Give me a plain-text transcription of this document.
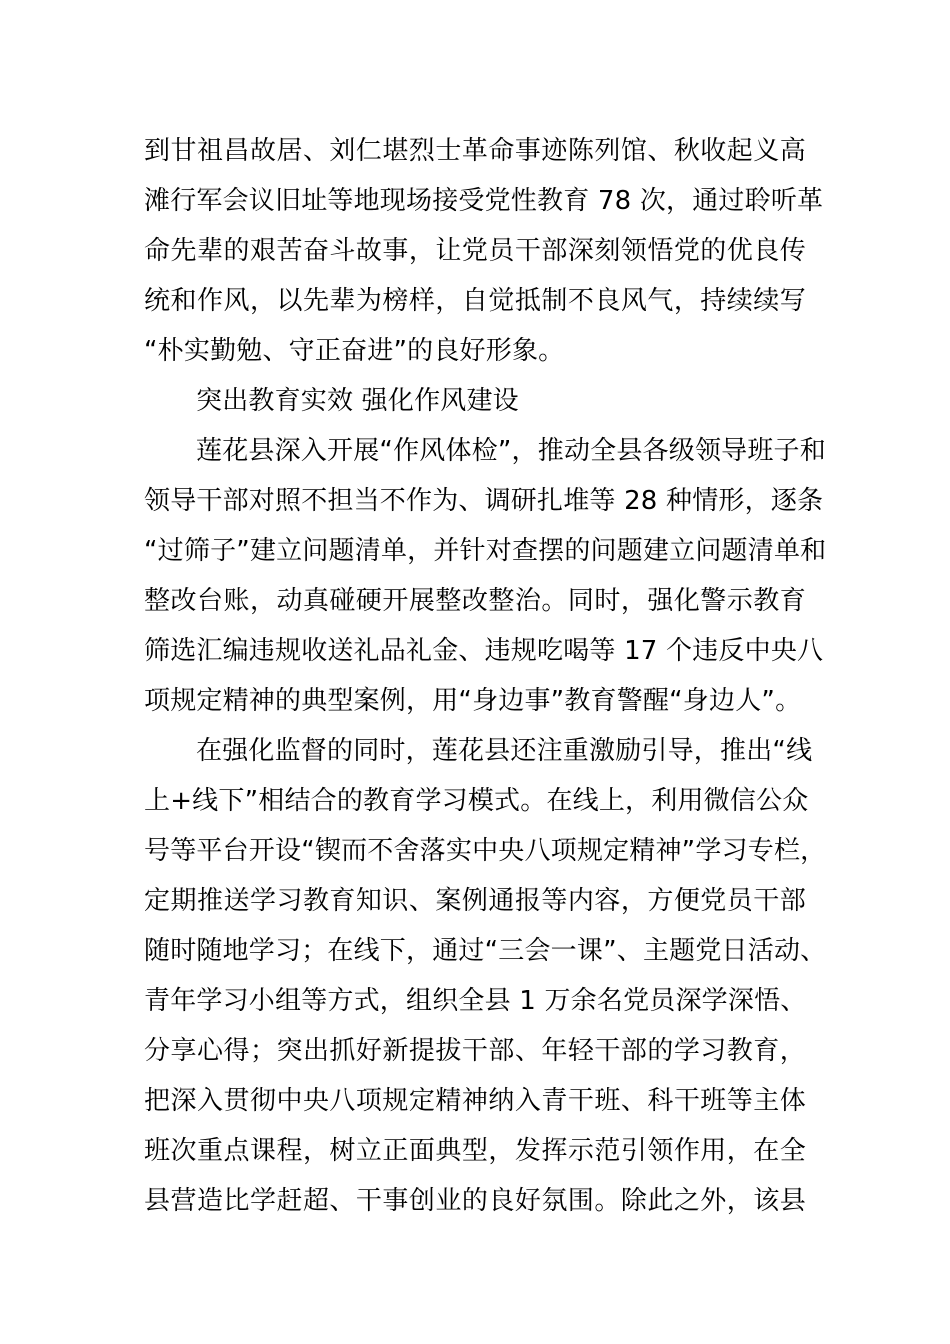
到甘祖昌故居、刘仁堪烈士革命事迹陈列馆、秋收起义高

滩行军会议旧址等地现场接受党性教育 78 次，通过聆听革

命先辈的艰苦奋斗故事，让党员干部深刻领悟党的优良传

统和作风，以先辈为榜样，自觉抵制不良风气，持续续写

“朴实勤勉、守正奋进”的良好形象。

突出教育实效 强化作风建设

莲花县深入开展“作风体检”，推动全县各级领导班子和

领导干部对照不担当不作为、调研扎堆等 28 种情形，逐条

“过筛子”建立问题清单，并针对查摆的问题建立问题清单和

整改台账，动真碰硬开展整改整治。同时，强化警示教育

筛选汇编违规收送礼品礼金、违规吃喝等 17 个违反中央八

项规定精神的典型案例，用“身边事”教育警醒“身边人”。

在强化监督的同时，莲花县还注重激励引导，推出“线

上+线下”相结合的教育学习模式。在线上，利用微信公众

号等平台开设“锲而不舍落实中央八项规定精神”学习专栏，

定期推送学习教育知识、案例通报等内容，方便党员干部

随时随地学习；在线下，通过“三会一课”、主题党日活动、

青年学习小组等方式，组织全县 1 万余名党员深学深悟、

分享心得；突出抓好新提拔干部、年轻干部的学习教育，

把深入贯彻中央八项规定精神纳入青干班、科干班等主体

班次重点课程，树立正面典型，发挥示范引领作用，在全

县营造比学赶超、干事创业的良好氛围。除此之外，该县
